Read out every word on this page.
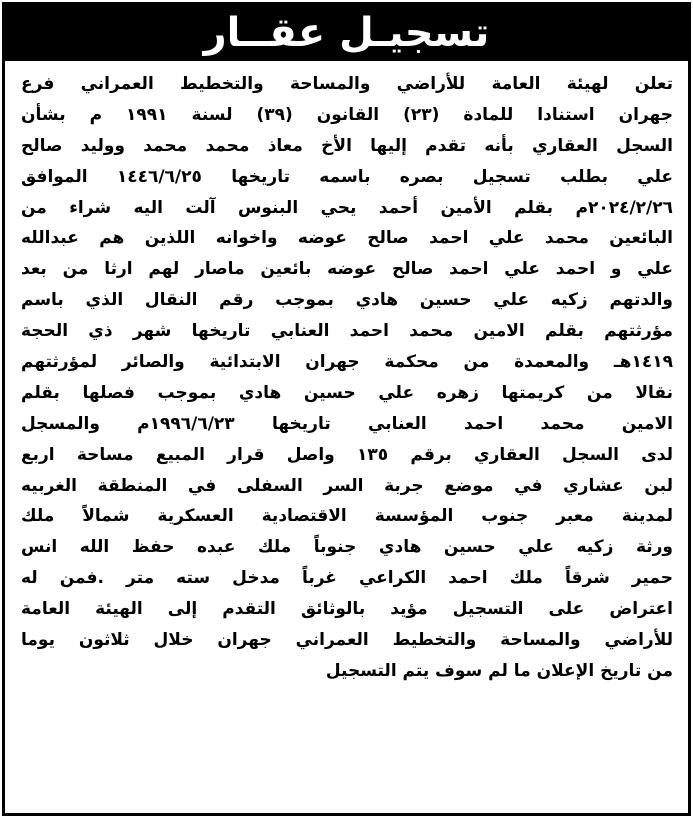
تسجيـل عقــار
تعلن لهيئة العامة للأراضي والمساحة والتخطيط العمراني فرع
جهران استنادا للمادة (٢٣) القانون (٣٩) لسنة ١٩٩١ م بشأن
السجل العقاري بأنه تقدم إليها الأخ معاذ محمد محمد ووليد صالح
علي بطلب تسجيل بصره باسمه تاريخها ١٤٤٦/٦/٢٥ الموافق
٢٠٢٤/٢/٢٦م بقلم الأمين أحمد يحي البنوس آلت اليه شراء من
البائعين محمد علي احمد صالح عوضه واخوانه اللذين هم عبدالله
علي و احمد علي احمد صالح عوضه بائعين ماصار لهم ارثا من بعد
والدتهم زكيه علي حسين هادي بموجب رقم النقال الذي باسم
مؤرثتهم بقلم الامين محمد احمد العنابي تاريخها شهر ذي الحجة
١٤١٩هـ والمعمدة من محكمة جهران الابتدائية والصائر لمؤرثتهم
نقالا من كريمتها زهره علي حسين هادي بموجب فصلها بقلم
الامين محمد احمد العنابي تاريخها ١٩٩٦/٦/٢٣م والمسجل
لدى السجل العقاري برقم ١٣٥ واصل قرار المبيع مساحة اربع
لبن عشاري في موضع جربة السر السفلى في المنطقة الغربيه
لمدينة معبر جنوب المؤسسة الاقتصادية العسكرية شمالاً ملك
ورثة زكيه علي حسين هادي جنوباً ملك عبده حفظ الله انس
حمير شرقاً ملك احمد الكراعي غرباً مدخل سته متر .فمن له
اعتراض على التسجيل مؤيد بالوثائق التقدم إلى الهيئة العامة
للأراضي والمساحة والتخطيط العمراني جهران خلال ثلاثون يوما
من تاريخ الإعلان ما لم سوف يتم التسجيل
